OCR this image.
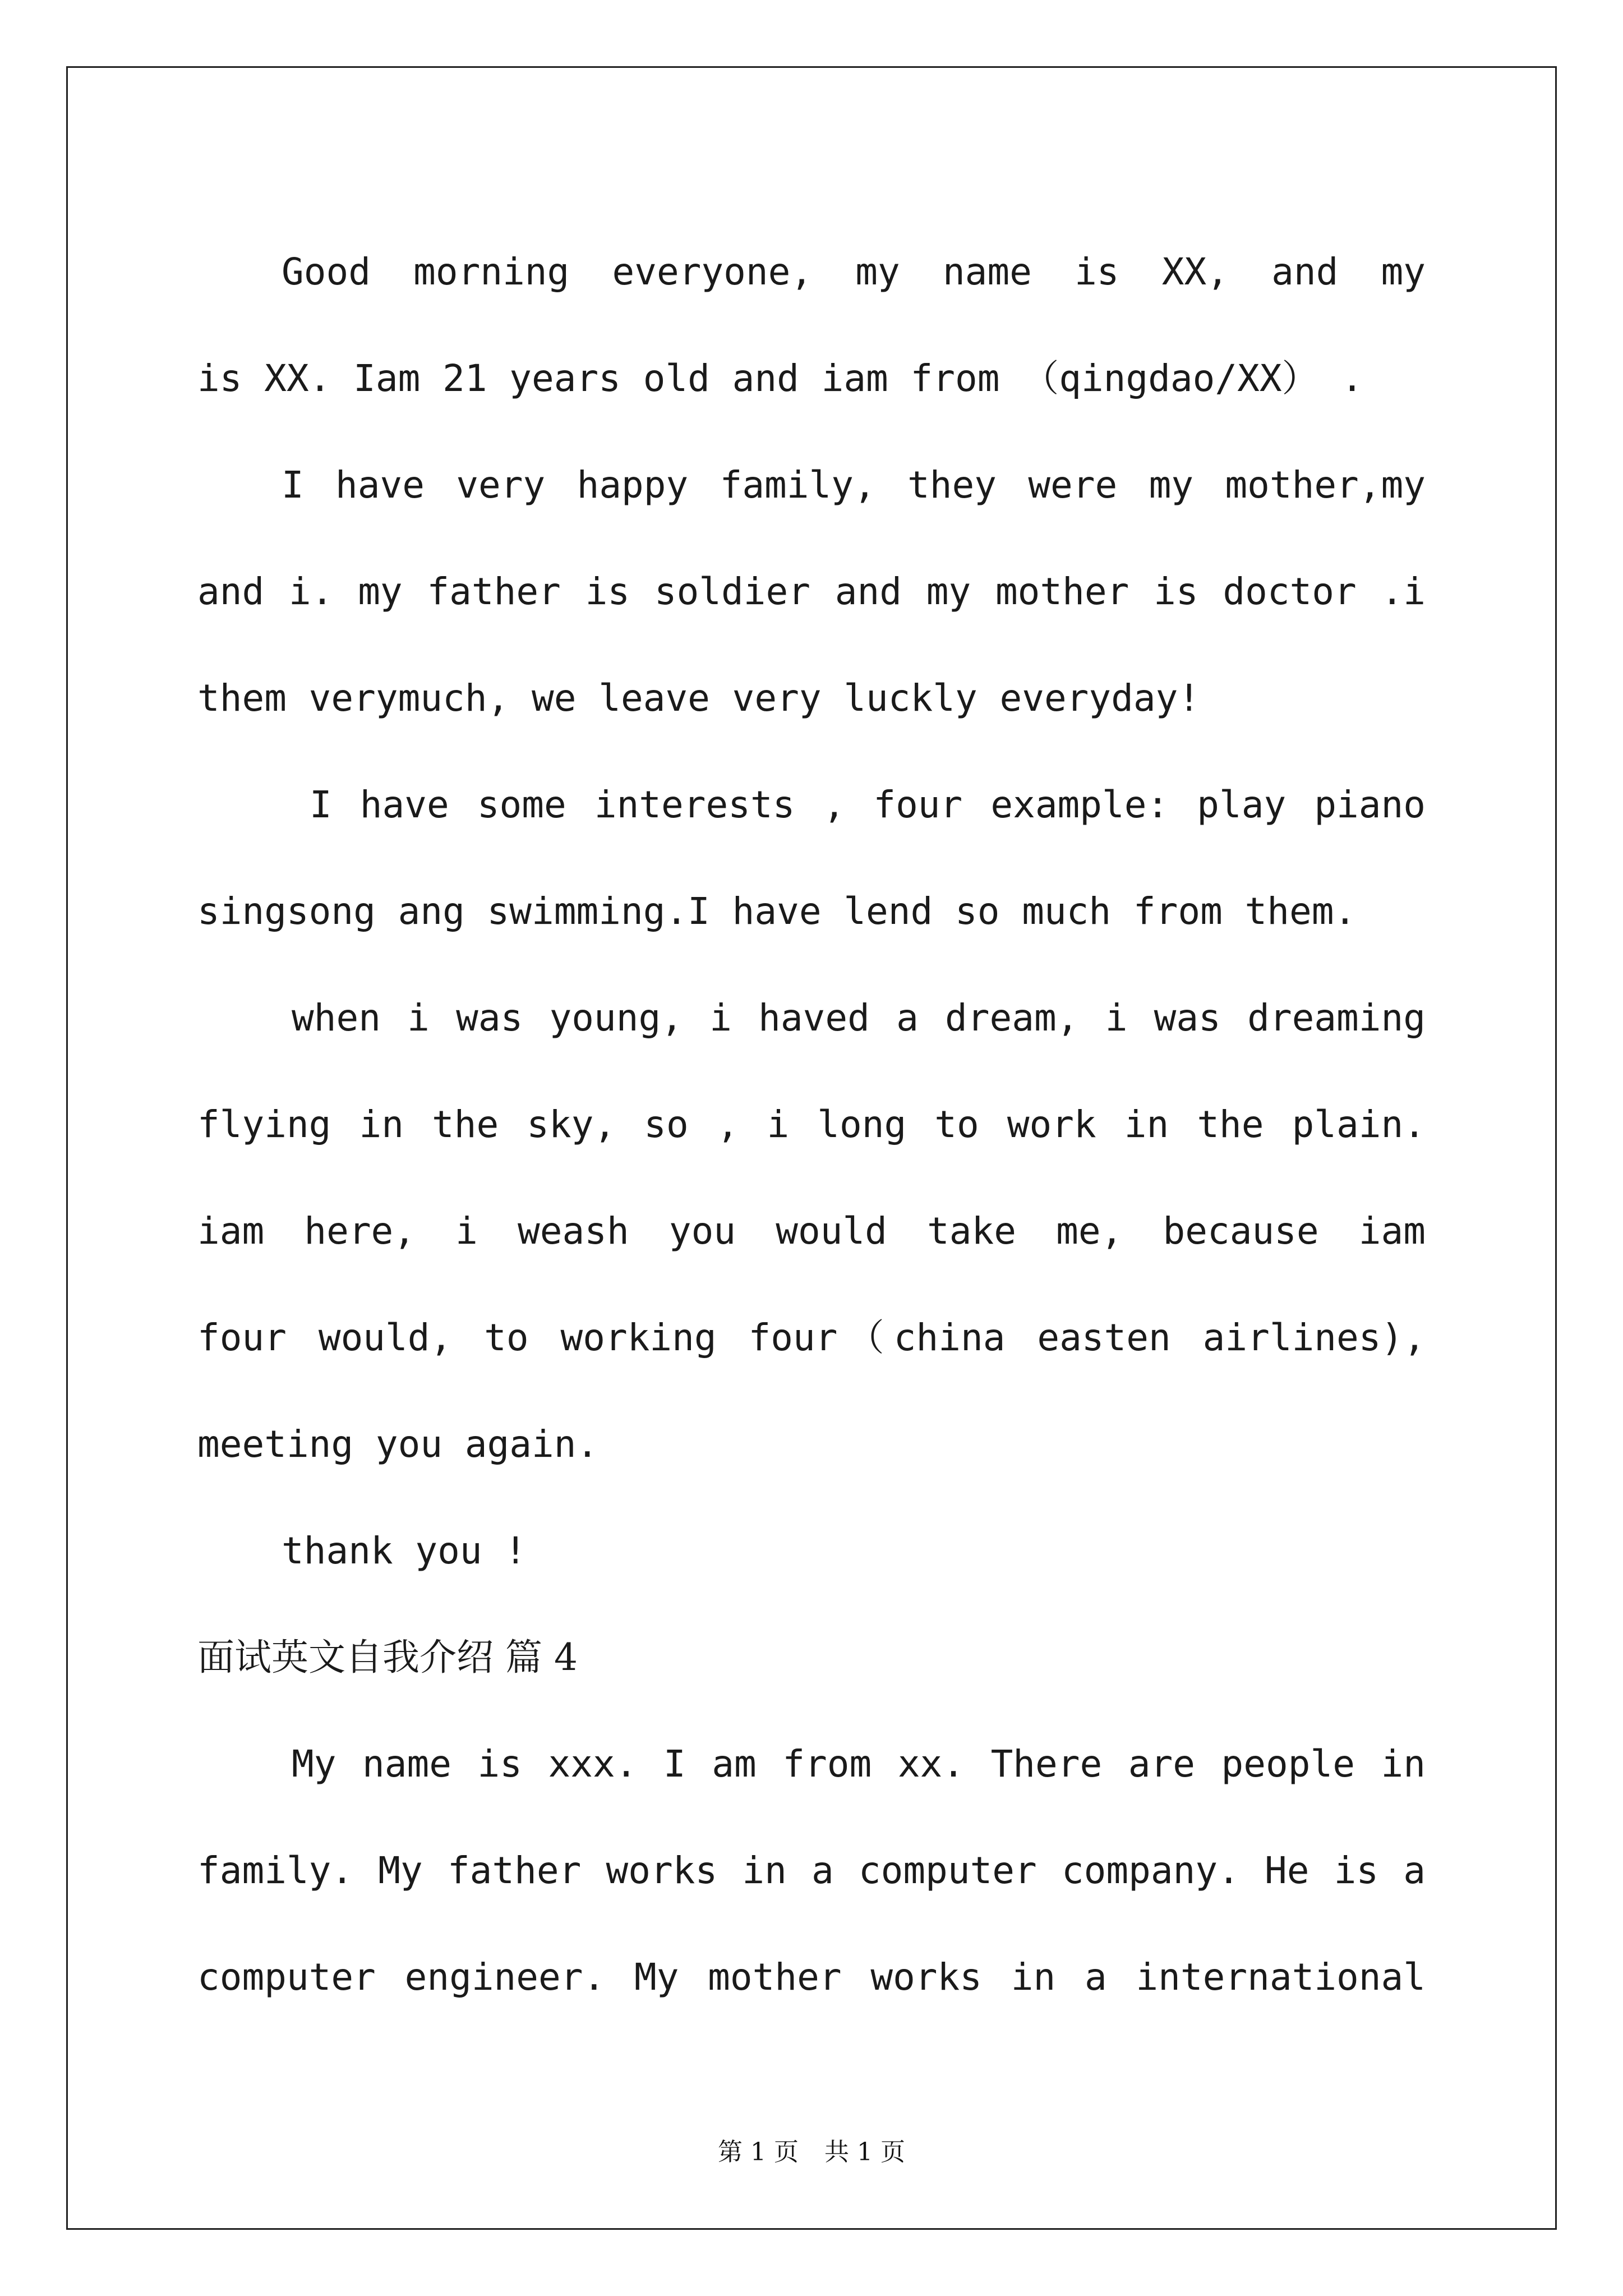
Good morning everyone, my name is XX, and my
is XX. Iam 21 years old and iam from （qingdao/XX） .
I have very happy family, they were my mother,my
and i. my father is soldier and my mother is doctor .i
them verymuch, we leave very luckly everyday!
I have some interests , four example: play piano
singsong ang swimming.I have lend so much from them.
when i was young, i haved a dream, i was dreaming
flying in the sky, so , i long to work in the plain.
iam here, i weash you would take me, because iam
four would, to working four（china easten airlines),
meeting you again.
thank you !
面试英文自我介绍 篇 4
My name is xxx. I am from xx. There are people in
family. My father works in a computer company. He is a
computer engineer. My mother works in a international
第 1 页 共 1 页
